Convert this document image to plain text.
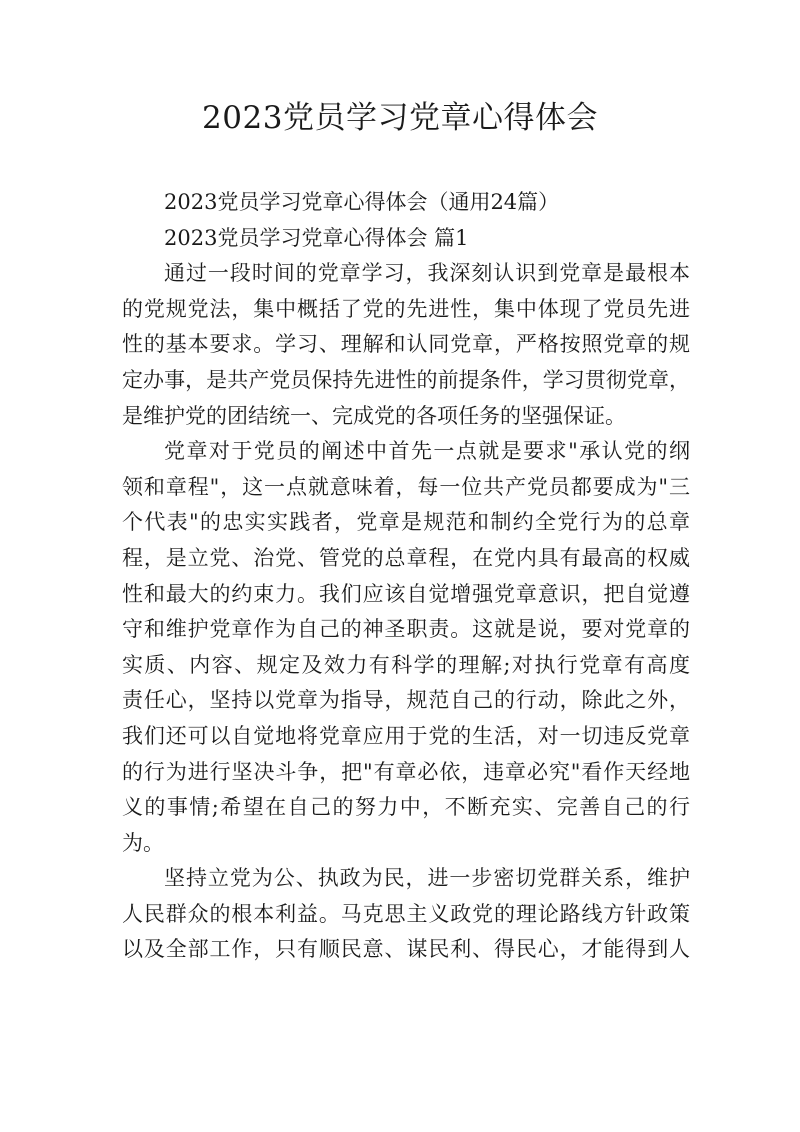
2023党员学习党章心得体会
2023党员学习党章心得体会（通用24篇）
2023党员学习党章心得体会 篇1
通过一段时间的党章学习，我深刻认识到党章是最根本
的党规党法，集中概括了党的先进性，集中体现了党员先进
性的基本要求。学习、理解和认同党章，严格按照党章的规
定办事，是共产党员保持先进性的前提条件，学习贯彻党章，
是维护党的团结统一、完成党的各项任务的坚强保证。
党章对于党员的阐述中首先一点就是要求"承认党的纲
领和章程"，这一点就意味着，每一位共产党员都要成为"三
个代表"的忠实实践者，党章是规范和制约全党行为的总章
程，是立党、治党、管党的总章程，在党内具有最高的权威
性和最大的约束力。我们应该自觉增强党章意识，把自觉遵
守和维护党章作为自己的神圣职责。这就是说，要对党章的
实质、内容、规定及效力有科学的理解;对执行党章有高度
责任心，坚持以党章为指导，规范自己的行动，除此之外，
我们还可以自觉地将党章应用于党的生活，对一切违反党章
的行为进行坚决斗争，把"有章必依，违章必究"看作天经地
义的事情;希望在自己的努力中，不断充实、完善自己的行
为。
坚持立党为公、执政为民，进一步密切党群关系，维护
人民群众的根本利益。马克思主义政党的理论路线方针政策
以及全部工作，只有顺民意、谋民利、得民心，才能得到人
